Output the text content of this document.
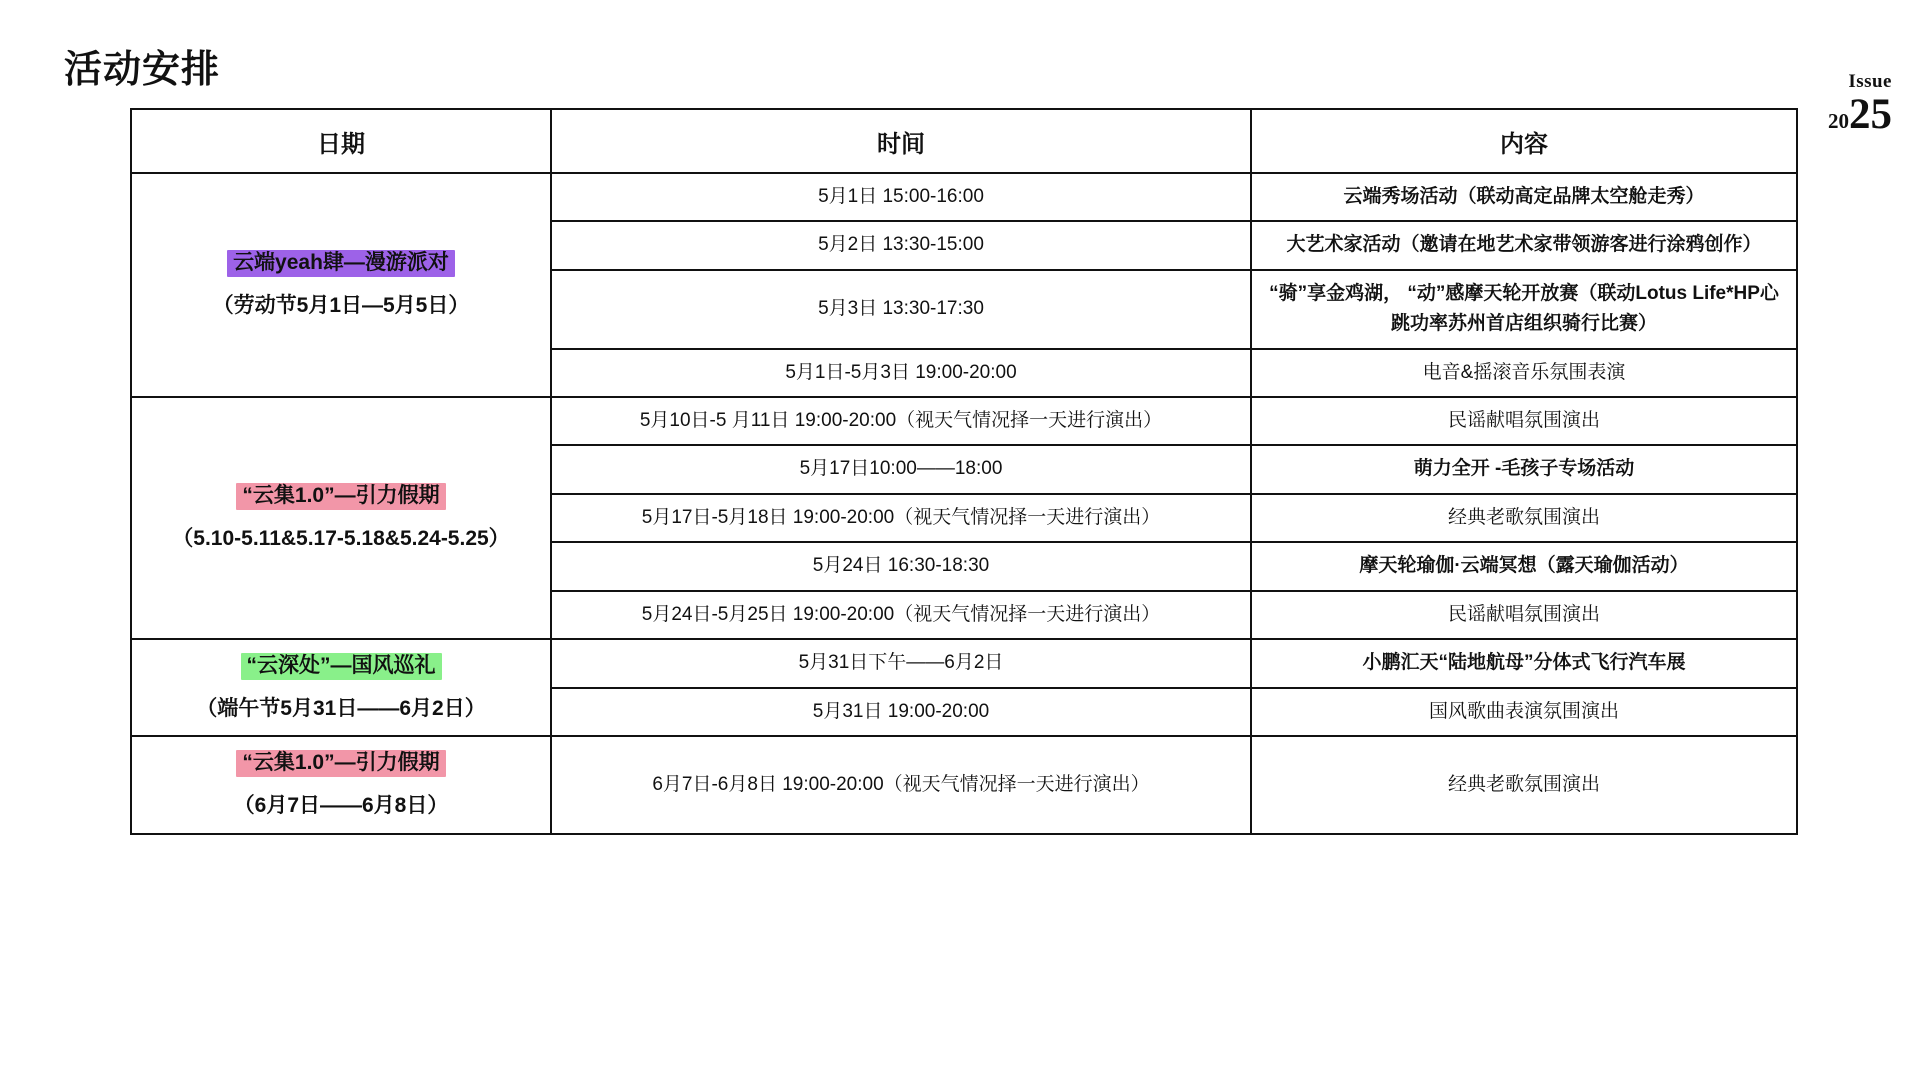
活动安排	Issue
2025
日期	时间	内容
云端yeah肆—漫游派对
（劳动节5月1日—5月5日）	5月1日 15:00-16:00	云端秀场活动（联动高定品牌太空舱走秀）
	5月2日 13:30-15:00	大艺术家活动（邀请在地艺术家带领游客进行涂鸦创作）
	5月3日 13:30-17:30	“骑”享金鸡湖， “动”感摩天轮开放赛（联动Lotus Life*HP心跳功率苏州首店组织骑行比赛）
	5月1日-5月3日 19:00-20:00	电音&摇滚音乐氛围表演
“云集1.0”—引力假期
（5.10-5.11&5.17-5.18&5.24-5.25）	5月10日-5 月11日 19:00-20:00（视天气情况择一天进行演出）	民谣献唱氛围演出
	5月17日10:00——18:00	萌力全开 -毛孩子专场活动
	5月17日-5月18日 19:00-20:00（视天气情况择一天进行演出）	经典老歌氛围演出
	5月24日 16:30-18:30	摩天轮瑜伽·云端冥想（露天瑜伽活动）
	5月24日-5月25日 19:00-20:00（视天气情况择一天进行演出）	民谣献唱氛围演出
“云深处”—国风巡礼
（端午节5月31日——6月2日）	5月31日下午——6月2日	小鹏汇天“陆地航母”分体式飞行汽车展
	5月31日 19:00-20:00	国风歌曲表演氛围演出
“云集1.0”—引力假期
（6月7日——6月8日）	6月7日-6月8日 19:00-20:00（视天气情况择一天进行演出）	经典老歌氛围演出
